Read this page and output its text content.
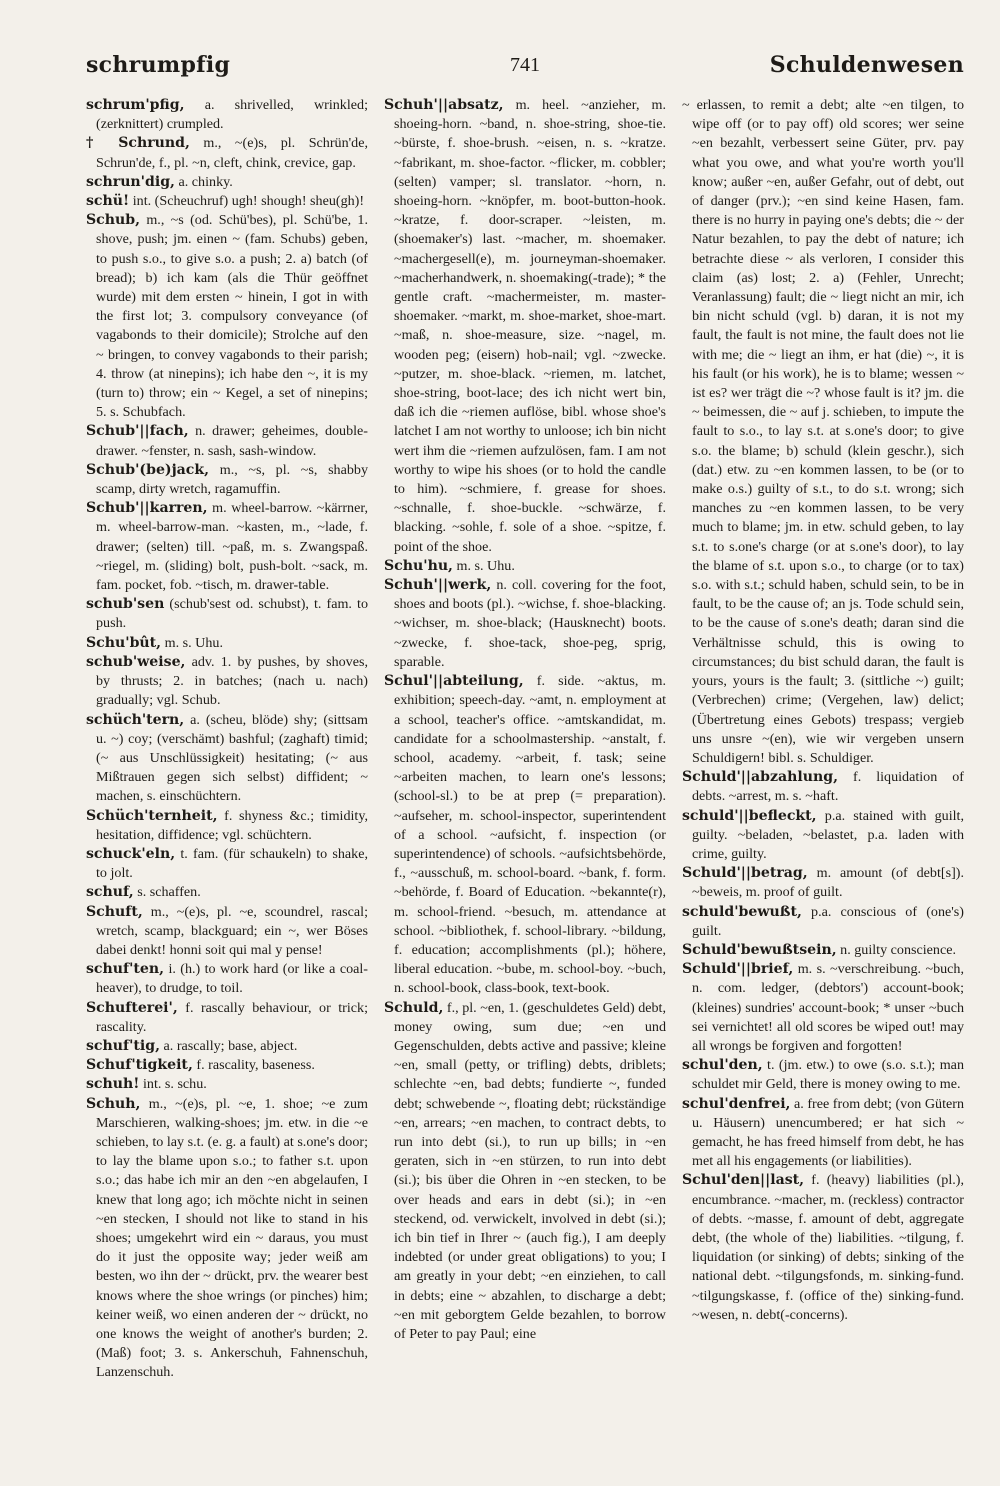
schrumpfig	741	Schuldenwesen

schrum'pfig, a. shrivelled, wrinkled; (zerknittert) crumpled.

† Schrund, m., ~(e)s, pl. Schrün'de, Schrun'de, f., pl. ~n, cleft, chink, crevice, gap.

schrun'dig, a. chinky.

schü! int. (Scheuchruf) ugh! shough! sheu(gh)!

Schub, m., ~s (od. Schü'bes), pl. Schü'be, 1. shove, push; jm. einen ~ (fam. Schubs) geben, to push s.o., to give s.o. a push; 2. a) batch (of bread); b) ich kam (als die Thür geöffnet wurde) mit dem ersten ~ hinein, I got in with the first lot; 3. compulsory conveyance (of vagabonds to their domicile); Strolche auf den ~ bringen, to convey vagabonds to their parish; 4. throw (at ninepins); ich habe den ~, it is my (turn to) throw; ein ~ Kegel, a set of ninepins; 5. s. Schubfach.

Schub'||fach, n. drawer; geheimes, double-drawer. ~fenster, n. sash, sash-window.

Schub'(be)jack, m., ~s, pl. ~s, shabby scamp, dirty wretch, ragamuffin.

Schub'||karren, m. wheel-barrow. ~kärrner, m. wheel-barrow-man. ~kasten, m., ~lade, f. drawer; (selten) till. ~paß, m. s. Zwangspaß. ~riegel, m. (sliding) bolt, push-bolt. ~sack, m. fam. pocket, fob. ~tisch, m. drawer-table.

schub'sen (schub'sest od. schubst), t. fam. to push.

Schu'bût, m. s. Uhu.

schub'weise, adv. 1. by pushes, by shoves, by thrusts; 2. in batches; (nach u. nach) gradually; vgl. Schub.

schüch'tern, a. (scheu, blöde) shy; (sittsam u. ~) coy; (verschämt) bashful; (zaghaft) timid; (~ aus Unschlüssigkeit) hesitating; (~ aus Mißtrauen gegen sich selbst) diffident; ~ machen, s. einschüchtern.

Schüch'ternheit, f. shyness &c.; timidity, hesitation, diffidence; vgl. schüchtern.

schuck'eln, t. fam. (für schaukeln) to shake, to jolt.

schuf, s. schaffen.

Schuft, m., ~(e)s, pl. ~e, scoundrel, rascal; wretch, scamp, blackguard; ein ~, wer Böses dabei denkt! honni soit qui mal y pense!

schuf'ten, i. (h.) to work hard (or like a coal-heaver), to drudge, to toil.

Schufterei', f. rascally behaviour, or trick; rascality.

schuf'tig, a. rascally; base, abject.

Schuf'tigkeit, f. rascality, baseness.

schuh! int. s. schu.

Schuh, m., ~(e)s, pl. ~e, 1. shoe; ~e zum Marschieren, walking-shoes; jm. etw. in die ~e schieben, to lay s.t. (e. g. a fault) at s.one's door; to lay the blame upon s.o.; to father s.t. upon s.o.; das habe ich mir an den ~en abgelaufen, I knew that long ago; ich möchte nicht in seinen ~en stecken, I should not like to stand in his shoes; umgekehrt wird ein ~ daraus, you must do it just the opposite way; jeder weiß am besten, wo ihn der ~ drückt, prv. the wearer best knows where the shoe wrings (or pinches) him; keiner weiß, wo einen anderen der ~ drückt, no one knows the weight of another's burden; 2. (Maß) foot; 3. s. Ankerschuh, Fahnenschuh, Lanzenschuh.

Schuh'||absatz, m. heel. ~anzieher, m. shoeing-horn. ~band, n. shoe-string, shoe-tie. ~bürste, f. shoe-brush. ~eisen, n. s. ~kratze. ~fabrikant, m. shoe-factor. ~flicker, m. cobbler; (selten) vamper; sl. translator. ~horn, n. shoeing-horn. ~knöpfer, m. boot-button-hook. ~kratze, f. door-scraper. ~leisten, m. (shoemaker's) last. ~macher, m. shoemaker. ~machergesell(e), m. journeyman-shoemaker. ~macherhandwerk, n. shoemaking(-trade); * the gentle craft. ~machermeister, m. master-shoemaker. ~markt, m. shoe-market, shoe-mart. ~maß, n. shoe-measure, size. ~nagel, m. wooden peg; (eisern) hob-nail; vgl. ~zwecke. ~putzer, m. shoe-black. ~riemen, m. latchet, shoe-string, boot-lace; des ich nicht wert bin, daß ich die ~riemen auflöse, bibl. whose shoe's latchet I am not worthy to unloose; ich bin nicht wert ihm die ~riemen aufzulösen, fam. I am not worthy to wipe his shoes (or to hold the candle to him). ~schmiere, f. grease for shoes. ~schnalle, f. shoe-buckle. ~schwärze, f. blacking. ~sohle, f. sole of a shoe. ~spitze, f. point of the shoe.

Schu'hu, m. s. Uhu.

Schuh'||werk, n. coll. covering for the foot, shoes and boots (pl.). ~wichse, f. shoe-blacking. ~wichser, m. shoe-black; (Hausknecht) boots. ~zwecke, f. shoe-tack, shoe-peg, sprig, sparable.

Schul'||abteilung, f. side. ~aktus, m. exhibition; speech-day. ~amt, n. employment at a school, teacher's office. ~amtskandidat, m. candidate for a schoolmastership. ~anstalt, f. school, academy. ~arbeit, f. task; seine ~arbeiten machen, to learn one's lessons; (school-sl.) to be at prep (= preparation). ~aufseher, m. school-inspector, superintendent of a school. ~aufsicht, f. inspection (or superintendence) of schools. ~aufsichtsbehörde, f., ~ausschuß, m. school-board. ~bank, f. form. ~behörde, f. Board of Education. ~bekannte(r), m. school-friend. ~besuch, m. attendance at school. ~bibliothek, f. school-library. ~bildung, f. education; accomplishments (pl.); höhere, liberal education. ~bube, m. school-boy. ~buch, n. school-book, class-book, text-book.

Schuld, f., pl. ~en, 1. (geschuldetes Geld) debt, money owing, sum due; ~en und Gegenschulden, debts active and passive; kleine ~en, small (petty, or trifling) debts, driblets; schlechte ~en, bad debts; fundierte ~, funded debt; schwebende ~, floating debt; rückständige ~en, arrears; ~en machen, to contract debts, to run into debt (si.), to run up bills; in ~en geraten, sich in ~en stürzen, to run into debt (si.); bis über die Ohren in ~en stecken, to be over heads and ears in debt (si.); in ~en steckend, od. verwickelt, involved in debt (si.); ich bin tief in Ihrer ~ (auch fig.), I am deeply indebted (or under great obligations) to you; I am greatly in your debt; ~en einziehen, to call in debts; eine ~ abzahlen, to discharge a debt; ~en mit geborgtem Gelde bezahlen, to borrow of Peter to pay Paul; eine

~ erlassen, to remit a debt; alte ~en tilgen, to wipe off (or to pay off) old scores; wer seine ~en bezahlt, verbessert seine Güter, prv. pay what you owe, and what you're worth you'll know; außer ~en, außer Gefahr, out of debt, out of danger (prv.); ~en sind keine Hasen, fam. there is no hurry in paying one's debts; die ~ der Natur bezahlen, to pay the debt of nature; ich betrachte diese ~ als verloren, I consider this claim (as) lost; 2. a) (Fehler, Unrecht; Veranlassung) fault; die ~ liegt nicht an mir, ich bin nicht schuld (vgl. b) daran, it is not my fault, the fault is not mine, the fault does not lie with me; die ~ liegt an ihm, er hat (die) ~, it is his fault (or his work), he is to blame; wessen ~ ist es? wer trägt die ~? whose fault is it? jm. die ~ beimessen, die ~ auf j. schieben, to impute the fault to s.o., to lay s.t. at s.one's door; to give s.o. the blame; b) schuld (klein geschr.), sich (dat.) etw. zu ~en kommen lassen, to be (or to make o.s.) guilty of s.t., to do s.t. wrong; sich manches zu ~en kommen lassen, to be very much to blame; jm. in etw. schuld geben, to lay s.t. to s.one's charge (or at s.one's door), to lay the blame of s.t. upon s.o., to charge (or to tax) s.o. with s.t.; schuld haben, schuld sein, to be in fault, to be the cause of; an js. Tode schuld sein, to be the cause of s.one's death; daran sind die Verhältnisse schuld, this is owing to circumstances; du bist schuld daran, the fault is yours, yours is the fault; 3. (sittliche ~) guilt; (Verbrechen) crime; (Vergehen, law) delict; (Übertretung eines Gebots) trespass; vergieb uns unsre ~(en), wie wir vergeben unsern Schuldigern! bibl. s. Schuldiger.

Schuld'||abzahlung, f. liquidation of debts. ~arrest, m. s. ~haft.

schuld'||befleckt, p.a. stained with guilt, guilty. ~beladen, ~belastet, p.a. laden with crime, guilty.

Schuld'||betrag, m. amount (of debt[s]). ~beweis, m. proof of guilt.

schuld'bewußt, p.a. conscious of (one's) guilt.

Schuld'bewußtsein, n. guilty conscience.

Schuld'||brief, m. s. ~verschreibung. ~buch, n. com. ledger, (debtors') account-book; (kleines) sundries' account-book; * unser ~buch sei vernichtet! all old scores be wiped out! may all wrongs be forgiven and forgotten!

schul'den, t. (jm. etw.) to owe (s.o. s.t.); man schuldet mir Geld, there is money owing to me.

schul'denfrei, a. free from debt; (von Gütern u. Häusern) unencumbered; er hat sich ~ gemacht, he has freed himself from debt, he has met all his engagements (or liabilities).

Schul'den||last, f. (heavy) liabilities (pl.), encumbrance. ~macher, m. (reckless) contractor of debts. ~masse, f. amount of debt, aggregate debt, (the whole of the) liabilities. ~tilgung, f. liquidation (or sinking) of debts; sinking of the national debt. ~tilgungsfonds, m. sinking-fund. ~tilgungskasse, f. (office of the) sinking-fund. ~wesen, n. debt(-concerns).
